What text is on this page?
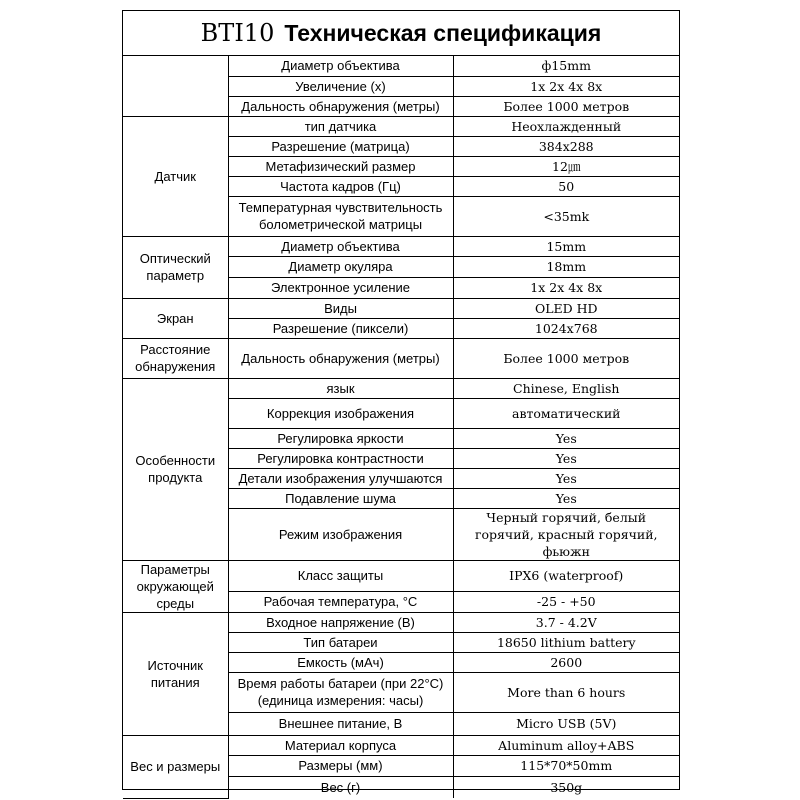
BTI10 Техническая спецификация
	Диаметр объектива	ф15mm
	Увеличение (х)	1x 2x 4x 8x
	Дальность обнаружения (метры)	Более 1000 метров
Датчик	тип датчика	Неохлажденный
	Разрешение (матрица)	384x288
	Метафизический размер	12㎛
	Частота кадров (Гц)	50
	Температурная чувствительность болометрической матрицы	<35mk
Оптический параметр	Диаметр объектива	15mm
	Диаметр окуляра	18mm
	Электронное усиление	1x 2x 4x 8x
Экран	Виды	OLED HD
	Разрешение (пиксели)	1024x768
Расстояние обнаружения	Дальность обнаружения (метры)	Более 1000 метров
Особенности продукта	язык	Chinese, English
	Коррекция изображения	автоматический
	Регулировка яркости	Yes
	Регулировка контрастности	Yes
	Детали изображения улучшаются	Yes
	Подавление шума	Yes
	Режим изображения	Черный горячий, белый горячий, красный горячий, фьюжн
Параметры окружающей среды	Класс защиты	IPX6 (waterproof)
	Рабочая температура, °C	-25 - +50
Источник питания	Входное напряжение (В)	3.7 - 4.2V
	Тип батареи	18650 lithium battery
	Емкость (мАч)	2600
	Время работы батареи (при 22°C) (единица измерения: часы)	More than 6 hours
	Внешнее питание, В	Micro USB (5V)
Вес и размеры	Материал корпуса	Aluminum alloy+ABS
	Размеры (мм)	115*70*50mm
	Вес (г)	350g
